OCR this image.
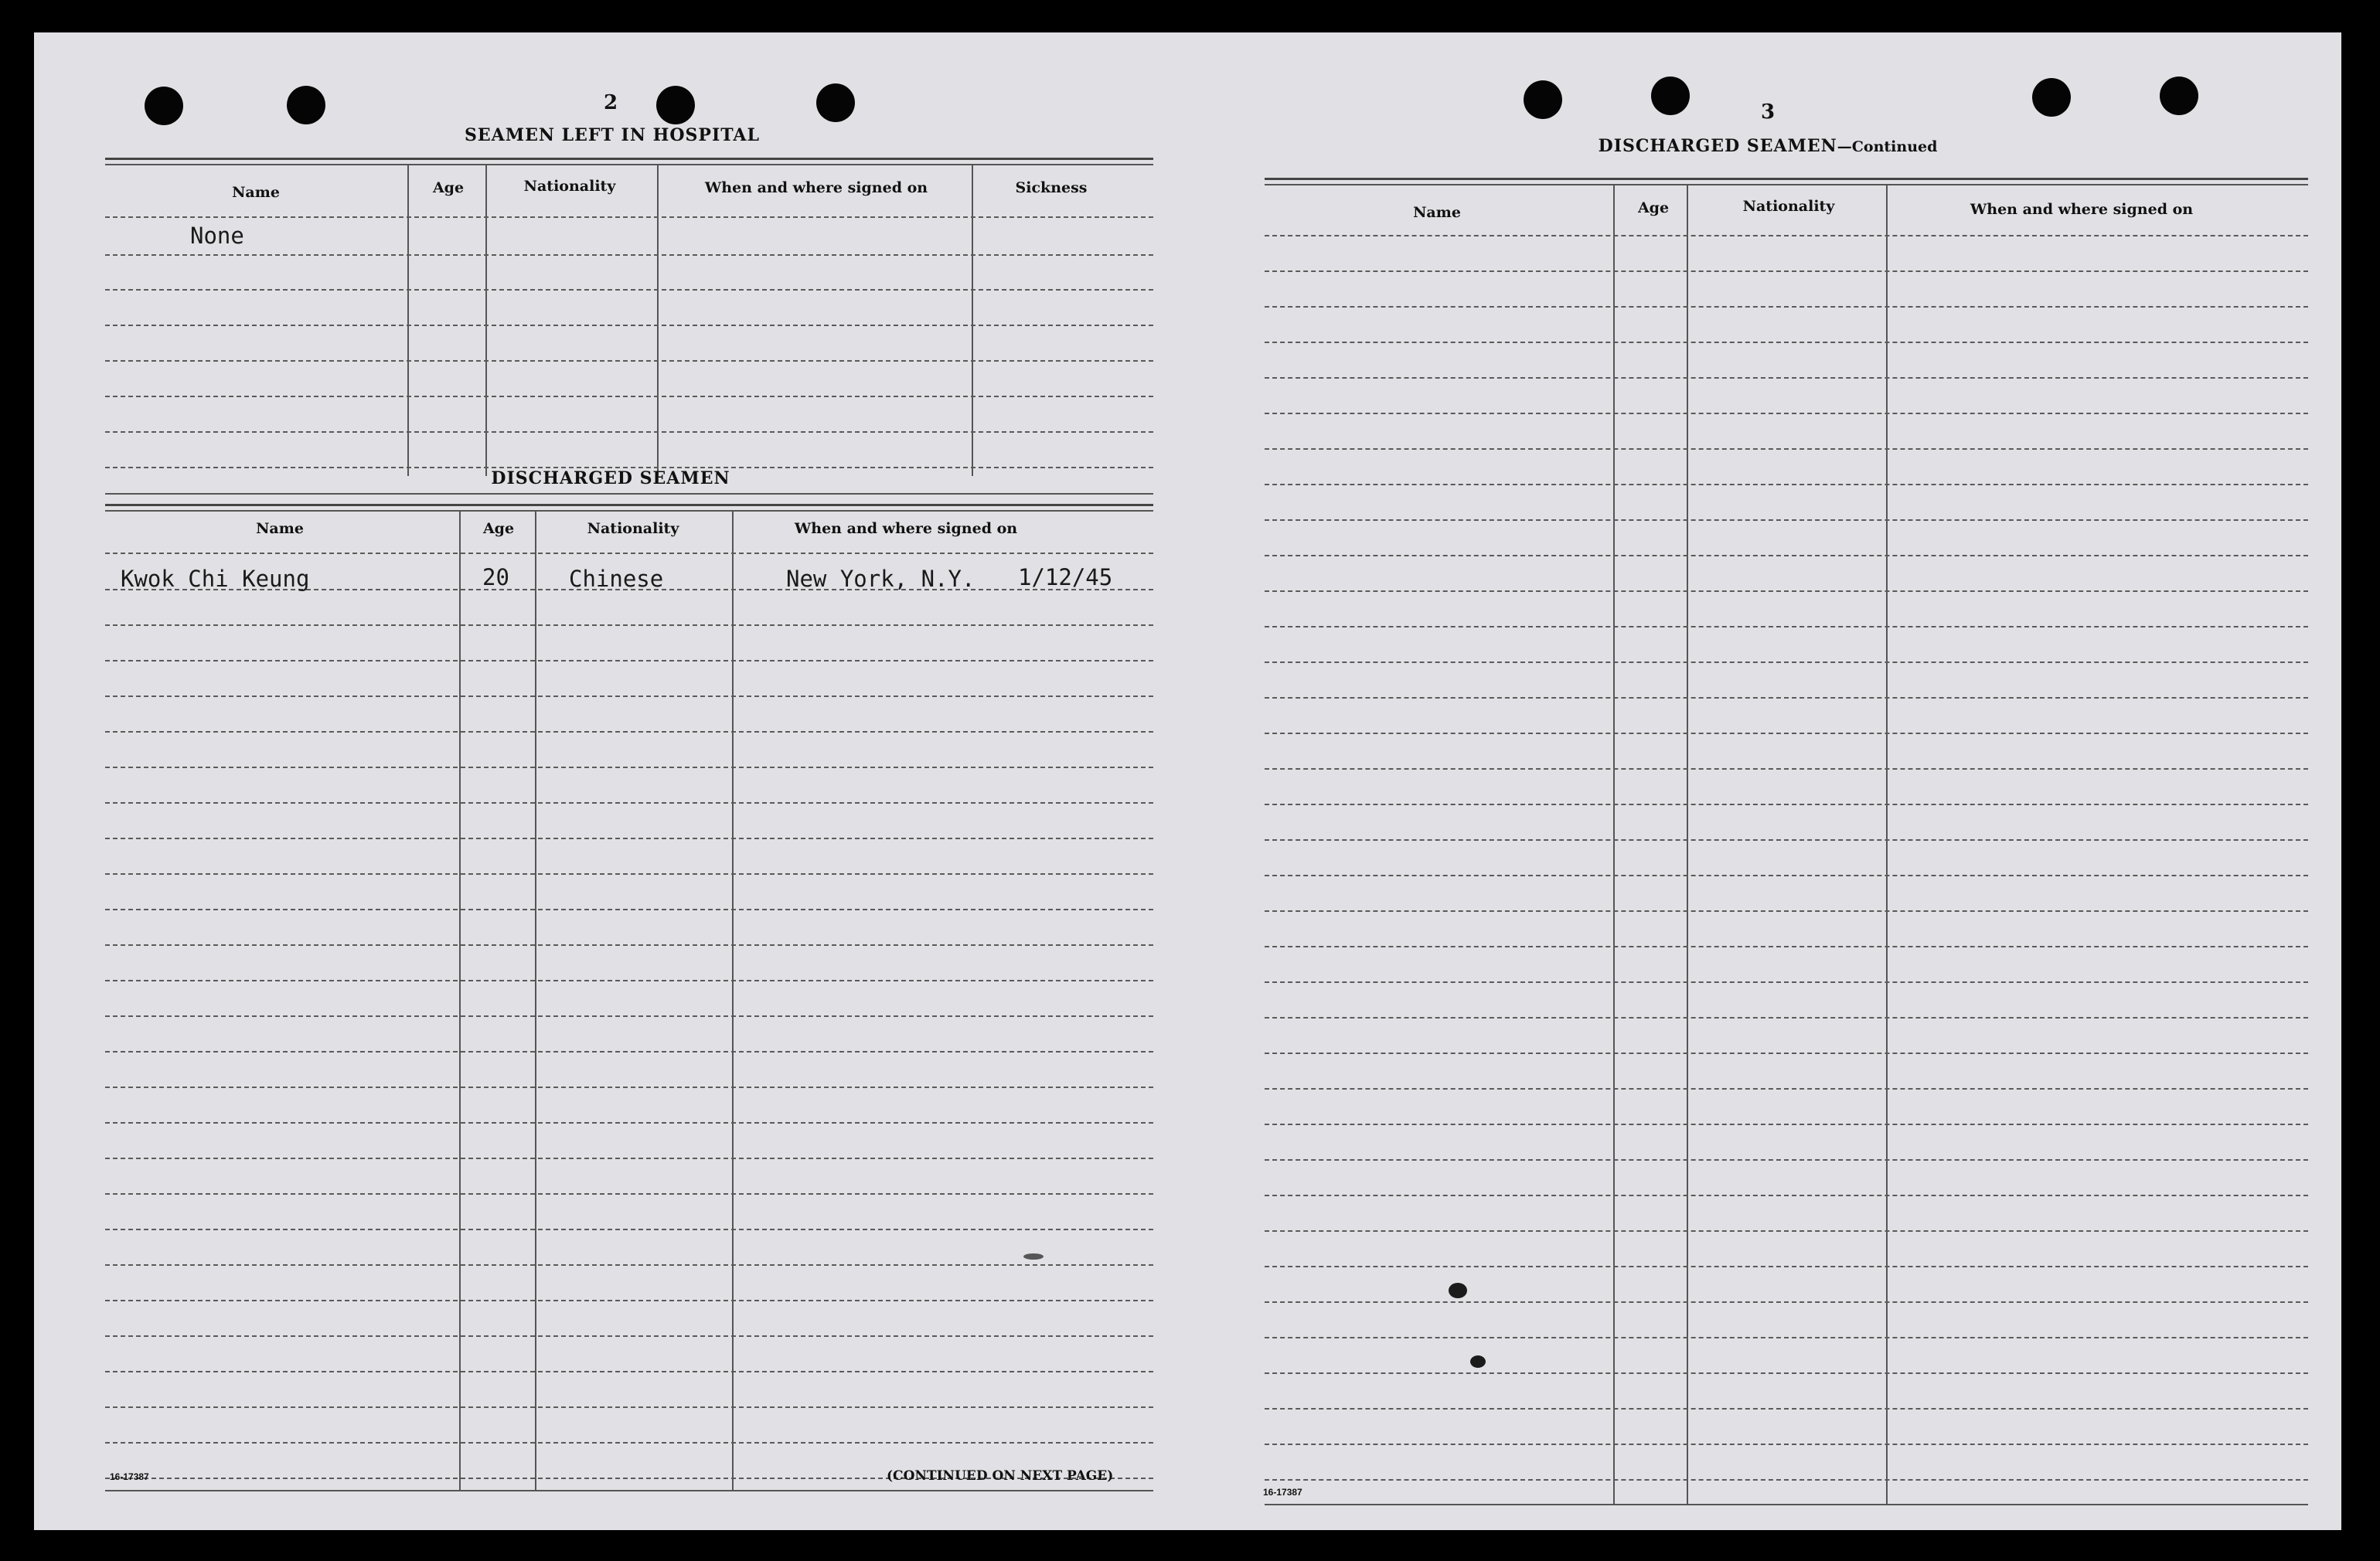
2
SEAMEN LEFT IN HOSPITAL
Name	Age	Nationality	When and where signed on	Sickness
None
DISCHARGED SEAMEN
Name	Age	Nationality	When and where signed on
Kwok Chi Keung	20	Chinese	New York, N.Y. 1/12/45
16-17387	(CONTINUED ON NEXT PAGE)
3
DISCHARGED SEAMEN—Continued
Name	Age	Nationality	When and where signed on
16-17387
